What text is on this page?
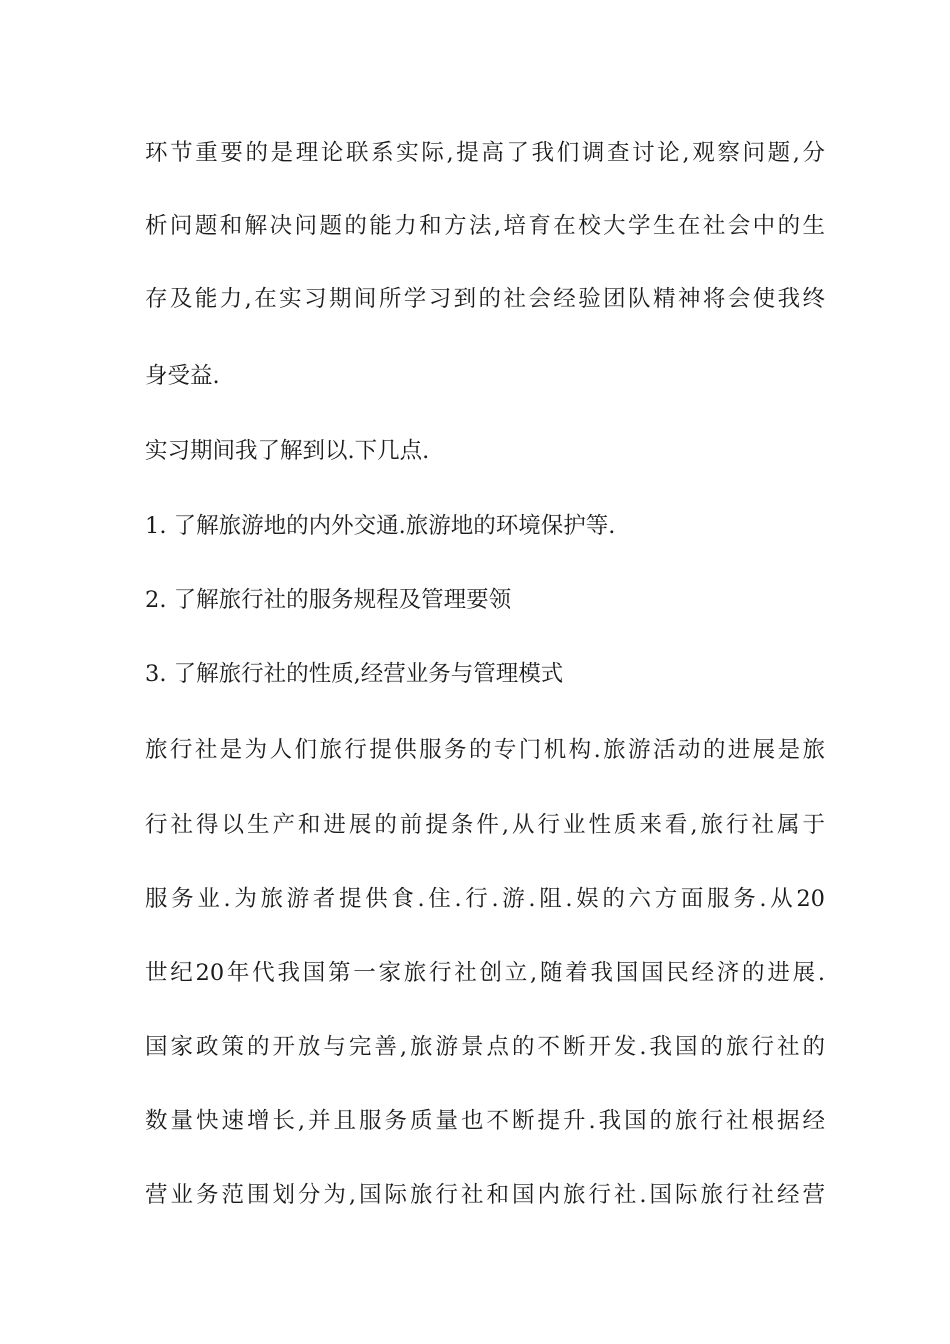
环节重要的是理论联系实际,提高了我们调查讨论,观察问题,分

析问题和解决问题的能力和方法,培育在校大学生在社会中的生

存及能力,在实习期间所学习到的社会经验团队精神将会使我终

身受益.

实习期间我了解到以.下几点.

1. 了解旅游地的内外交通.旅游地的环境保护等.

2. 了解旅行社的服务规程及管理要领

3. 了解旅行社的性质,经营业务与管理模式

旅行社是为人们旅行提供服务的专门机构.旅游活动的进展是旅

行社得以生产和进展的前提条件,从行业性质来看,旅行社属于

服务业.为旅游者提供食.住.行.游.阻.娱的六方面服务.从20

世纪20年代我国第一家旅行社创立,随着我国国民经济的进展.

国家政策的开放与完善,旅游景点的不断开发.我国的旅行社的

数量快速增长,并且服务质量也不断提升.我国的旅行社根据经

营业务范围划分为,国际旅行社和国内旅行社.国际旅行社经营
